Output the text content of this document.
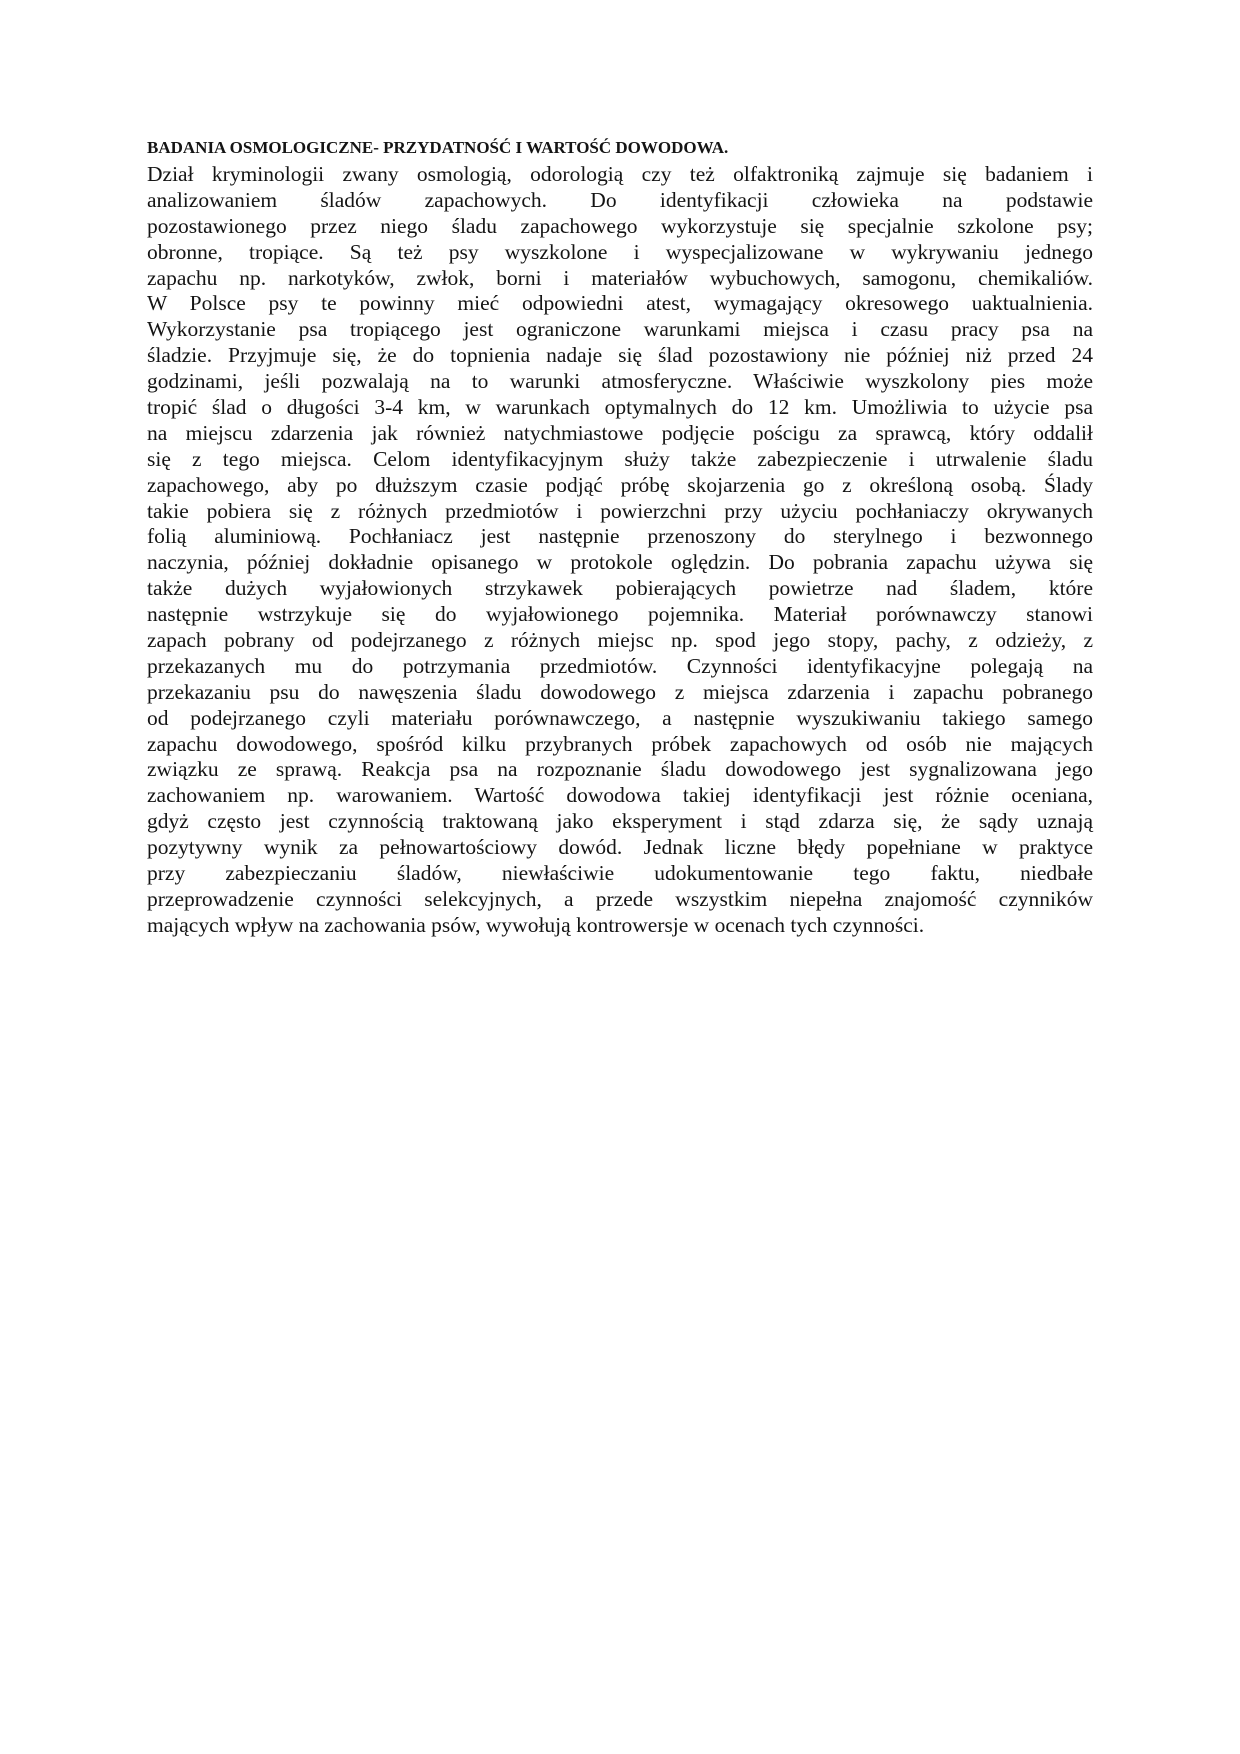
BADANIA OSMOLOGICZNE- PRZYDATNOŚĆ I WARTOŚĆ DOWODOWA.

Dział kryminologii zwany osmologią, odorologią czy też olfaktroniką zajmuje się badaniem i

analizowaniem śladów zapachowych. Do identyfikacji człowieka na podstawie

pozostawionego przez niego śladu zapachowego wykorzystuje się specjalnie szkolone psy;

obronne, tropiące. Są też psy wyszkolone i wyspecjalizowane w wykrywaniu jednego

zapachu np. narkotyków, zwłok, borni i materiałów wybuchowych, samogonu, chemikaliów.

W Polsce psy te powinny mieć odpowiedni atest, wymagający okresowego uaktualnienia.

Wykorzystanie psa tropiącego jest ograniczone warunkami miejsca i czasu pracy psa na

śladzie. Przyjmuje się, że do topnienia nadaje się ślad pozostawiony nie później niż przed 24

godzinami, jeśli pozwalają na to warunki atmosferyczne. Właściwie wyszkolony pies może

tropić ślad o długości 3-4 km, w warunkach optymalnych do 12 km. Umożliwia to użycie psa

na miejscu zdarzenia jak również natychmiastowe podjęcie pościgu za sprawcą, który oddalił

się z tego miejsca. Celom identyfikacyjnym służy także zabezpieczenie i utrwalenie śladu

zapachowego, aby po dłuższym czasie podjąć próbę skojarzenia go z określoną osobą. Ślady

takie pobiera się z różnych przedmiotów i powierzchni przy użyciu pochłaniaczy okrywanych

folią aluminiową. Pochłaniacz jest następnie przenoszony do sterylnego i bezwonnego

naczynia, później dokładnie opisanego w protokole oględzin. Do pobrania zapachu używa się

także dużych wyjałowionych strzykawek pobierających powietrze nad śladem, które

następnie wstrzykuje się do wyjałowionego pojemnika. Materiał porównawczy stanowi

zapach pobrany od podejrzanego z różnych miejsc np. spod jego stopy, pachy, z odzieży, z

przekazanych mu do potrzymania przedmiotów. Czynności identyfikacyjne polegają na

przekazaniu psu do nawęszenia śladu dowodowego z miejsca zdarzenia i zapachu pobranego

od podejrzanego czyli materiału porównawczego, a następnie wyszukiwaniu takiego samego

zapachu dowodowego, spośród kilku przybranych próbek zapachowych od osób nie mających

związku ze sprawą. Reakcja psa na rozpoznanie śladu dowodowego jest sygnalizowana jego

zachowaniem np. warowaniem. Wartość dowodowa takiej identyfikacji jest różnie oceniana,

gdyż często jest czynnością traktowaną jako eksperyment i stąd zdarza się, że sądy uznają

pozytywny wynik za pełnowartościowy dowód. Jednak liczne błędy popełniane w praktyce

przy zabezpieczaniu śladów, niewłaściwie udokumentowanie tego faktu, niedbałe

przeprowadzenie czynności selekcyjnych, a przede wszystkim niepełna znajomość czynników

mających wpływ na zachowania psów, wywołują kontrowersje w ocenach tych czynności.
